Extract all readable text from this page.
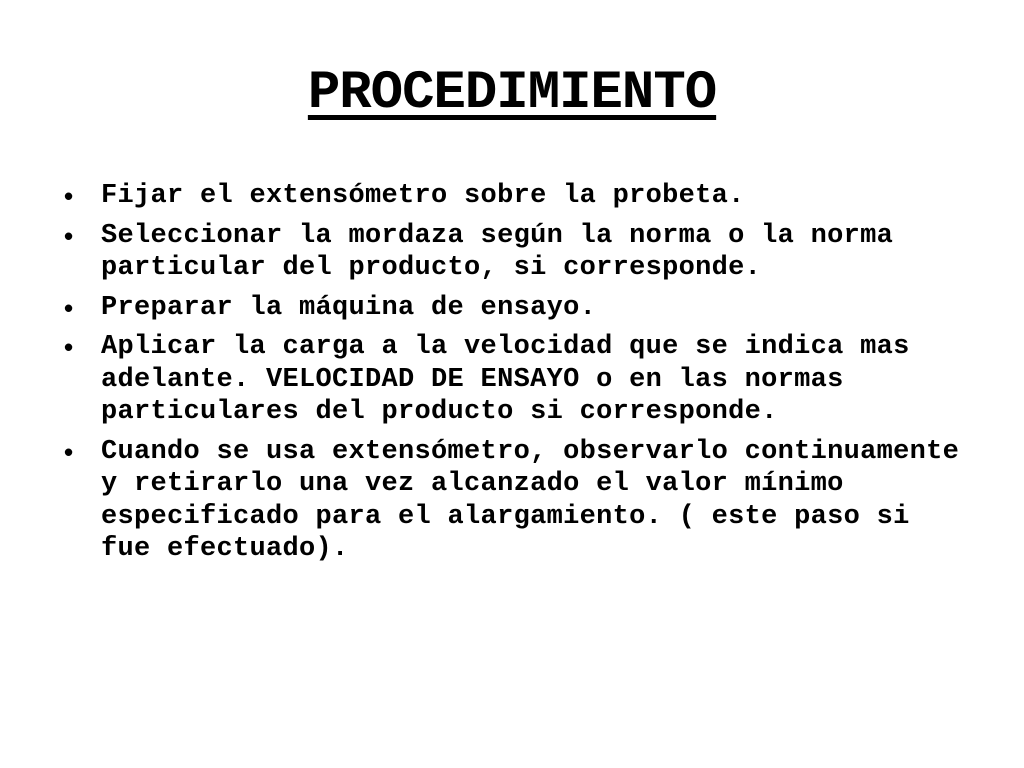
PROCEDIMIENTO
• Fijar el extensómetro sobre la probeta.
• Seleccionar la mordaza según la norma o la norma particular del producto, si corresponde.
• Preparar la máquina de ensayo.
• Aplicar la carga a la velocidad que se indica mas adelante. VELOCIDAD DE ENSAYO o en las normas particulares del producto si corresponde.
• Cuando se usa extensómetro, observarlo continuamente y retirarlo una vez alcanzado el valor mínimo especificado para el alargamiento. ( este paso si fue efectuado).
